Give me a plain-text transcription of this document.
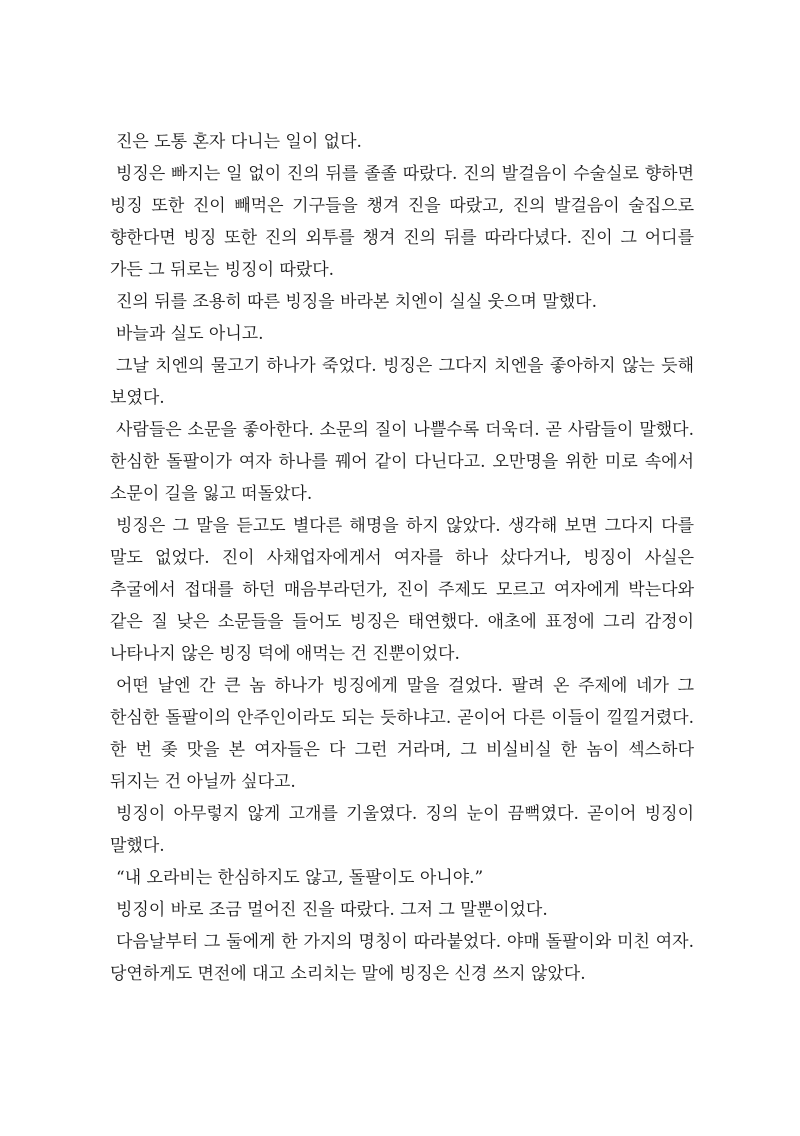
진은 도통 혼자 다니는 일이 없다.

빙징은 빠지는 일 없이 진의 뒤를 졸졸 따랐다. 진의 발걸음이 수술실로 향하면 빙징 또한 진이 빼먹은 기구들을 챙겨 진을 따랐고, 진의 발걸음이 술집으로 향한다면 빙징 또한 진의 외투를 챙겨 진의 뒤를 따라다녔다. 진이 그 어디를 가든 그 뒤로는 빙징이 따랐다.

진의 뒤를 조용히 따른 빙징을 바라본 치엔이 실실 웃으며 말했다.

바늘과 실도 아니고.

그날 치엔의 물고기 하나가 죽었다. 빙징은 그다지 치엔을 좋아하지 않는 듯해 보였다.

사람들은 소문을 좋아한다. 소문의 질이 나쁠수록 더욱더. 곧 사람들이 말했다. 한심한 돌팔이가 여자 하나를 꿰어 같이 다닌다고. 오만명을 위한 미로 속에서 소문이 길을 잃고 떠돌았다.

빙징은 그 말을 듣고도 별다른 해명을 하지 않았다. 생각해 보면 그다지 다를 말도 없었다. 진이 사채업자에게서 여자를 하나 샀다거나, 빙징이 사실은 추굴에서 접대를 하던 매음부라던가, 진이 주제도 모르고 여자에게 박는다와 같은 질 낮은 소문들을 들어도 빙징은 태연했다. 애초에 표정에 그리 감정이 나타나지 않은 빙징 덕에 애먹는 건 진뿐이었다.

어떤 날엔 간 큰 놈 하나가 빙징에게 말을 걸었다. 팔려 온 주제에 네가 그 한심한 돌팔이의 안주인이라도 되는 듯하냐고. 곧이어 다른 이들이 낄낄거렸다. 한 번 좆 맛을 본 여자들은 다 그런 거라며, 그 비실비실 한 놈이 섹스하다 뒤지는 건 아닐까 싶다고.

빙징이 아무렇지 않게 고개를 기울였다. 징의 눈이 끔뻑였다. 곧이어 빙징이 말했다.

“내 오라비는 한심하지도 않고, 돌팔이도 아니야.”

빙징이 바로 조금 멀어진 진을 따랐다. 그저 그 말뿐이었다.

다음날부터 그 둘에게 한 가지의 명칭이 따라붙었다. 야매 돌팔이와 미친 여자. 당연하게도 면전에 대고 소리치는 말에 빙징은 신경 쓰지 않았다.
